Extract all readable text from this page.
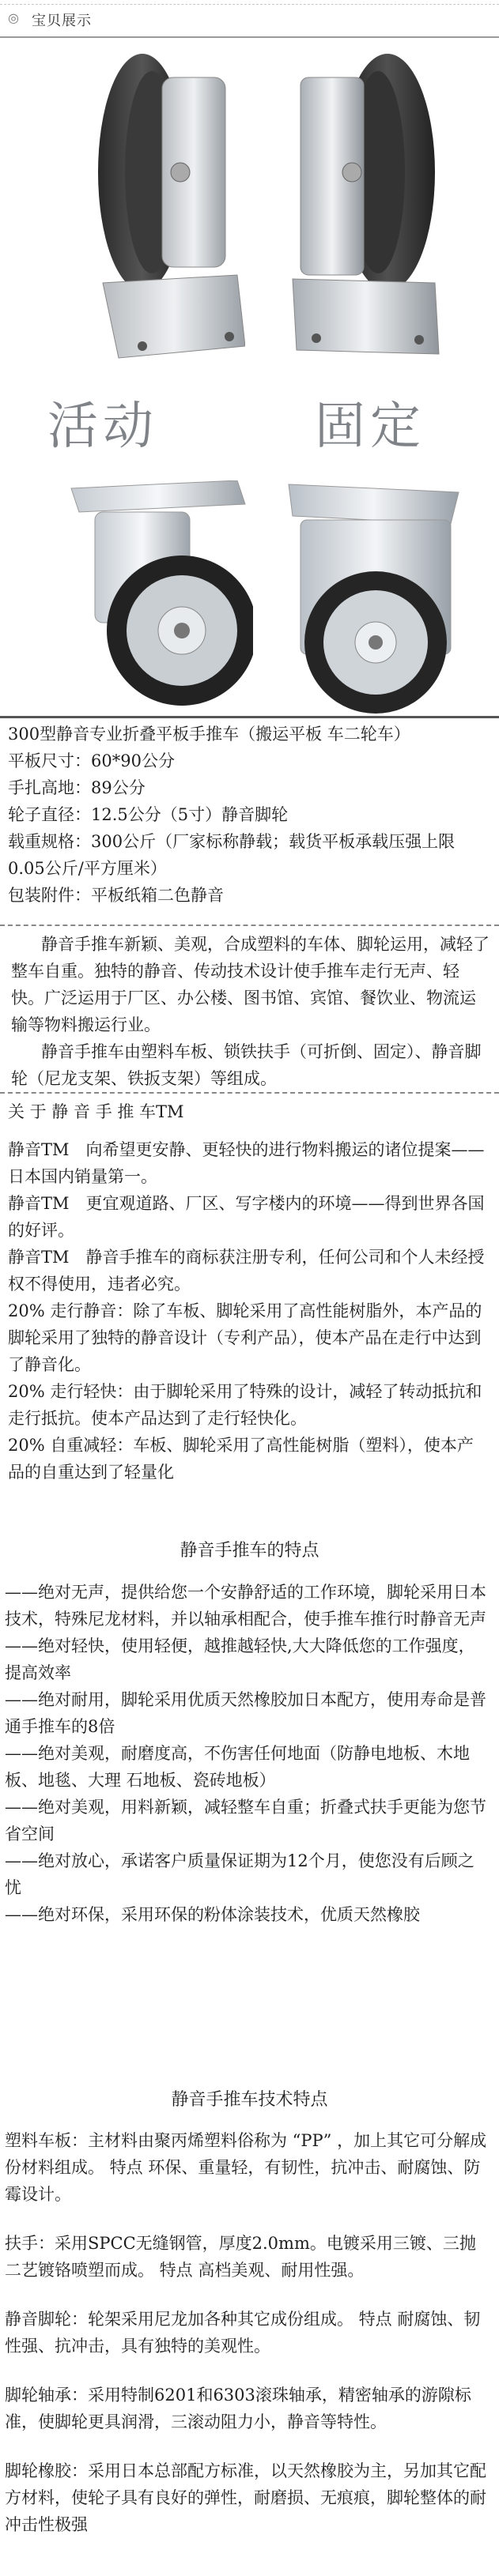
◎ 宝贝展示
活动	固定

300型静音专业折叠平板手推车（搬运平板 车二轮车）

平板尺寸：60*90公分

手扎高地：89公分

轮子直径：12.5公分（5寸）静音脚轮

载重规格：300公斤（厂家标称静载；载货平板承载压强上限0.05公斤/平方厘米）

包装附件：平板纸箱二色静音

静音手推车新颖、美观，合成塑料的车体、脚轮运用，减轻了整车自重。独特的静音、传动技术设计使手推车走行无声、轻快。广泛运用于厂区、办公楼、图书馆、宾馆、餐饮业、物流运输等物料搬运行业。

静音手推车由塑料车板、锁铁扶手（可折倒、固定）、静音脚轮（尼龙支架、铁扳支架）等组成。

关 于 静 音 手 推 车TM

静音TM　向希望更安静、更轻快的进行物料搬运的诸位提案——日本国内销量第一。

静音TM　更宜观道路、厂区、写字楼内的环境——得到世界各国的好评。

静音TM　静音手推车的商标获注册专利，任何公司和个人未经授权不得使用，违者必究。

20% 走行静音：除了车板、脚轮采用了高性能树脂外，本产品的脚轮采用了独特的静音设计（专利产品），使本产品在走行中达到了静音化。

20% 走行轻快：由于脚轮采用了特殊的设计，减轻了转动抵抗和走行抵抗。使本产品达到了走行轻快化。

20% 自重减轻：车板、脚轮采用了高性能树脂（塑料），使本产品的自重达到了轻量化

静音手推车的特点

——绝对无声，提供给您一个安静舒适的工作环境，脚轮采用日本技术，特殊尼龙材料，并以轴承相配合，使手推车推行时静音无声

——绝对轻快，使用轻便，越推越轻快,大大降低您的工作强度，提高效率

——绝对耐用，脚轮采用优质天然橡胶加日本配方，使用寿命是普通手推车的8倍

——绝对美观，耐磨度高，不伤害任何地面（防静电地板、木地板、地毯、大理 石地板、瓷砖地板）

——绝对美观，用料新颖，减轻整车自重；折叠式扶手更能为您节省空间

——绝对放心，承诺客户质量保证期为12个月，使您没有后顾之忧

——绝对环保，采用环保的粉体涂装技术，优质天然橡胶

静音手推车技术特点

塑料车板：主材料由聚丙烯塑料俗称为 “PP” ，加上其它可分解成份材料组成。 特点 环保、重量轻，有韧性，抗冲击、耐腐蚀、防霉设计。

扶手：采用SPCC无缝钢管，厚度2.0mm。电镀采用三镀、三抛二艺镀铬喷塑而成。 特点 高档美观、耐用性强。

静音脚轮：轮架采用尼龙加各种其它成份组成。 特点 耐腐蚀、韧性强、抗冲击，具有独特的美观性。

脚轮轴承：采用特制6201和6303滚珠轴承，精密轴承的游隙标准，使脚轮更具润滑，三滚动阻力小，静音等特性。

脚轮橡胶：采用日本总部配方标准，以天然橡胶为主，另加其它配方材料，使轮子具有良好的弹性，耐磨损、无痕痕，脚轮整体的耐冲击性极强
